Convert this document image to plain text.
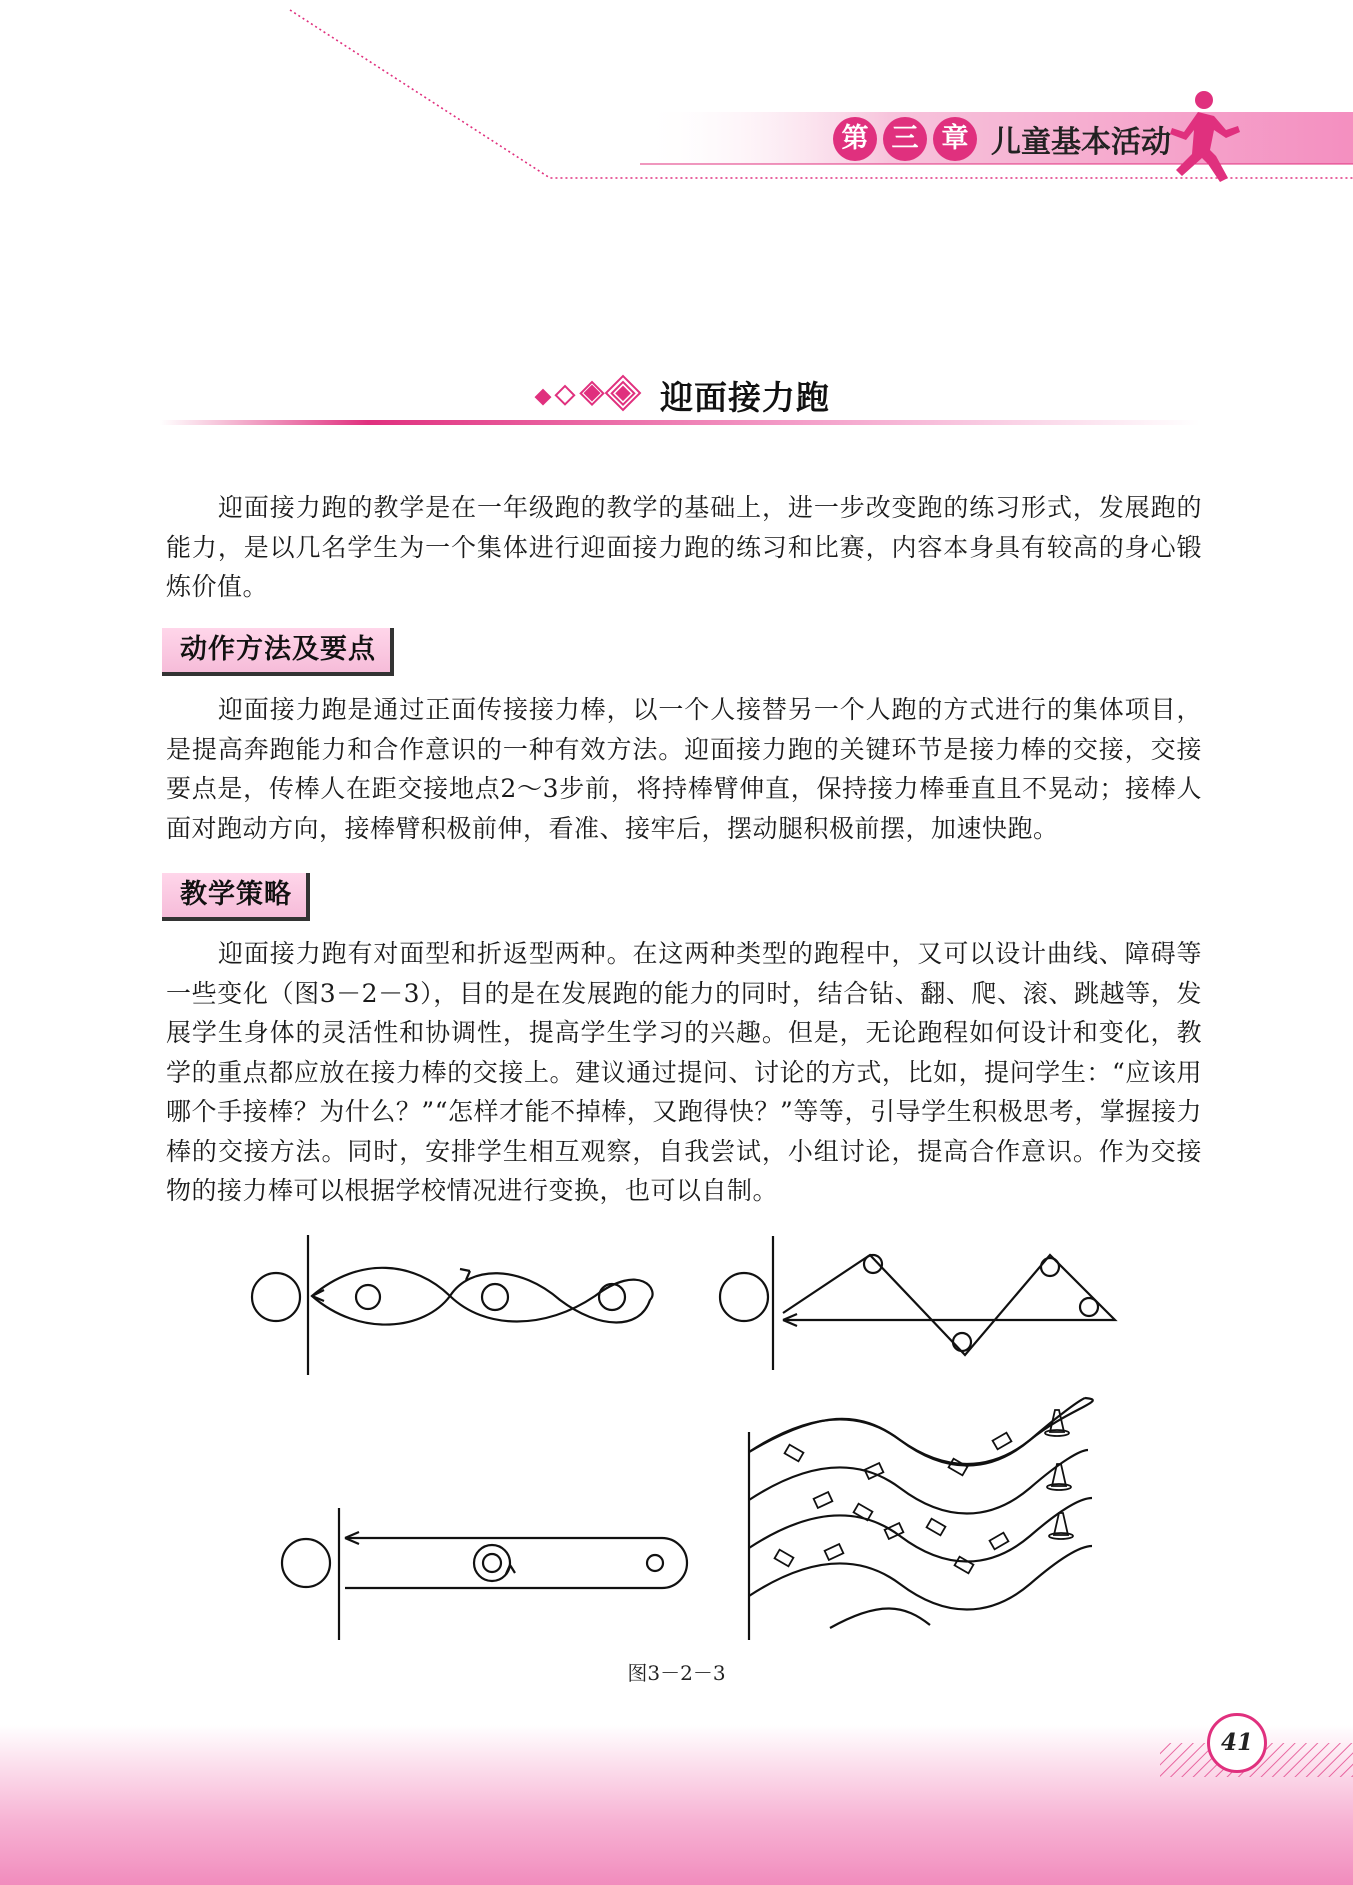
第 三 章 儿童基本活动
迎面接力跑

迎面接力跑的教学是在一年级跑的教学的基础上，进一步改变跑的练习形式，发展跑的能力，是以几名学生为一个集体进行迎面接力跑的练习和比赛，内容本身具有较高的身心锻炼价值。

动作方法及要点

迎面接力跑是通过正面传接接力棒，以一个人接替另一个人跑的方式进行的集体项目，是提高奔跑能力和合作意识的一种有效方法。迎面接力跑的关键环节是接力棒的交接，交接要点是，传棒人在距交接地点2～3步前，将持棒臂伸直，保持接力棒垂直且不晃动；接棒人面对跑动方向，接棒臂积极前伸，看准、接牢后，摆动腿积极前摆，加速快跑。

教学策略

迎面接力跑有对面型和折返型两种。在这两种类型的跑程中，又可以设计曲线、障碍等一些变化（图3－2－3），目的是在发展跑的能力的同时，结合钻、翻、爬、滚、跳越等，发展学生身体的灵活性和协调性，提高学生学习的兴趣。但是，无论跑程如何设计和变化，教学的重点都应放在接力棒的交接上。建议通过提问、讨论的方式，比如，提问学生：“应该用哪个手接棒？为什么？”“怎样才能不掉棒，又跑得快？”等等，引导学生积极思考，掌握接力棒的交接方法。同时，安排学生相互观察，自我尝试，小组讨论，提高合作意识。作为交接物的接力棒可以根据学校情况进行变换，也可以自制。

图3－2－3
41
